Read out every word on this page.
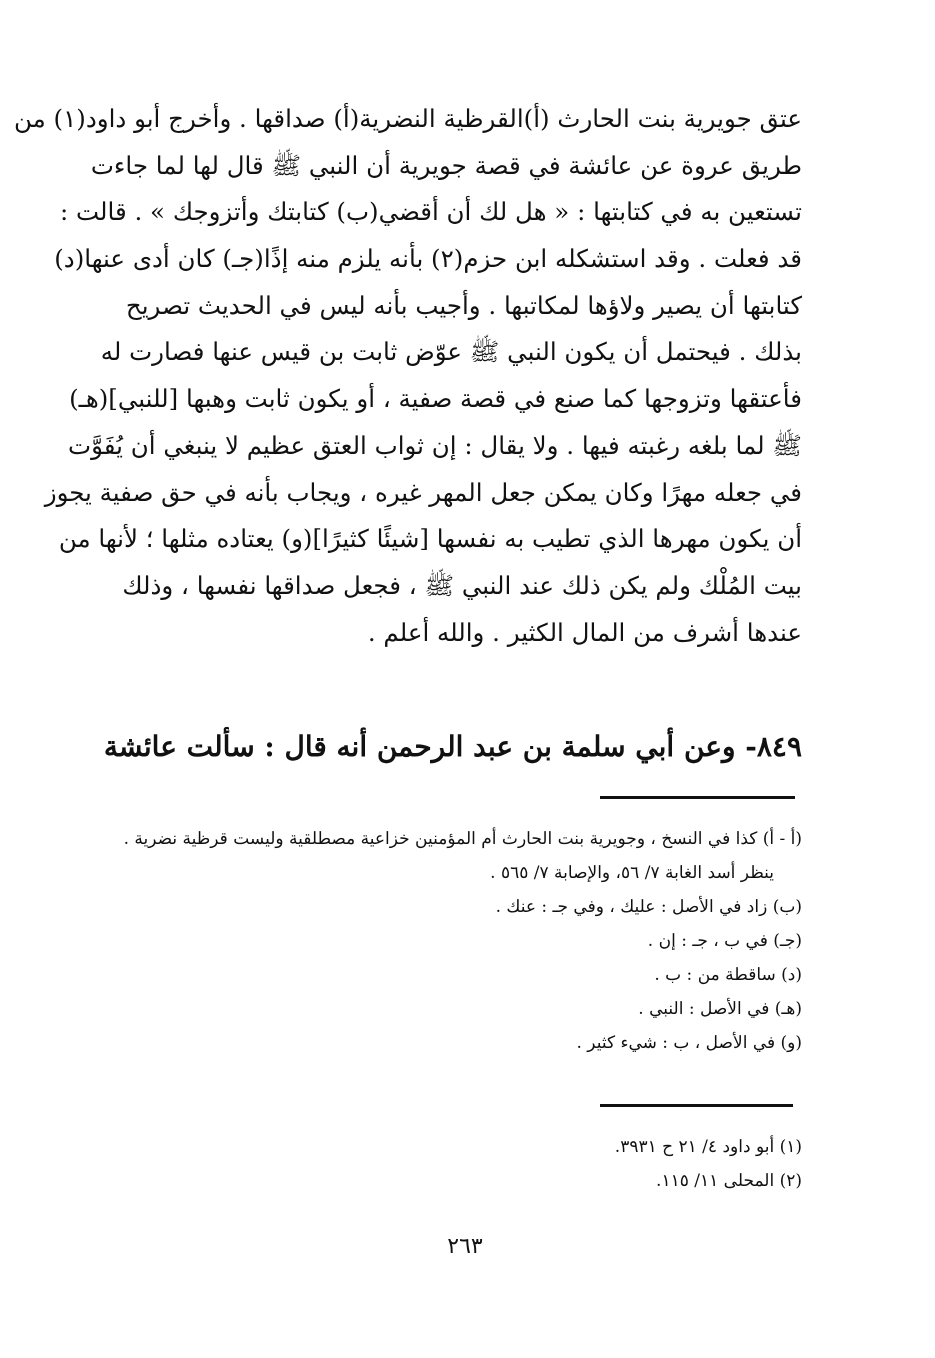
عتق جويرية بنت الحارث (أ)القرظية النضرية(أ) صداقها . وأخرج أبو داود(١) من
طريق عروة عن عائشة في قصة جويرية أن النبي ﷺ قال لها لما جاءت
تستعين به في كتابتها : « هل لك أن أقضي(ب) كتابتك وأتزوجك » . قالت :
قد فعلت . وقد استشكله ابن حزم(٢) بأنه يلزم منه إذًا(جـ) كان أدى عنها(د)
كتابتها أن يصير ولاؤها لمكاتبها . وأجيب بأنه ليس في الحديث تصريح
بذلك . فيحتمل أن يكون النبي ﷺ عوّض ثابت بن قيس عنها فصارت له
فأعتقها وتزوجها كما صنع في قصة صفية ، أو يكون ثابت وهبها [للنبي](هـ)
ﷺ لما بلغه رغبته فيها . ولا يقال : إن ثواب العتق عظيم لا ينبغي أن يُفَوَّت
في جعله مهرًا وكان يمكن جعل المهر غيره ، ويجاب بأنه في حق صفية يجوز
أن يكون مهرها الذي تطيب به نفسها [شيئًا كثيرًا](و) يعتاده مثلها ؛ لأنها من
بيت المُلْك ولم يكن ذلك عند النبي ﷺ ، فجعل صداقها نفسها ، وذلك
عندها أشرف من المال الكثير . والله أعلم .
٨٤٩- وعن أبي سلمة بن عبد الرحمن أنه قال : سألت عائشة
(أ - أ) كذا في النسخ ، وجويرية بنت الحارث أم المؤمنين خزاعية مصطلقية وليست قرظية نضرية .
ينظر أسد الغابة ٧/ ٥٦، والإصابة ٧/ ٥٦٥ .
(ب) زاد في الأصل : عليك ، وفي جـ : عنك .
(جـ) في ب ، جـ : إن .
(د) ساقطة من : ب .
(هـ) في الأصل : النبي .
(و) في الأصل ، ب : شيء كثير .
(١) أبو داود ٤/ ٢١ ح ٣٩٣١.
(٢) المحلى ١١/ ١١٥.
٢٦٣
